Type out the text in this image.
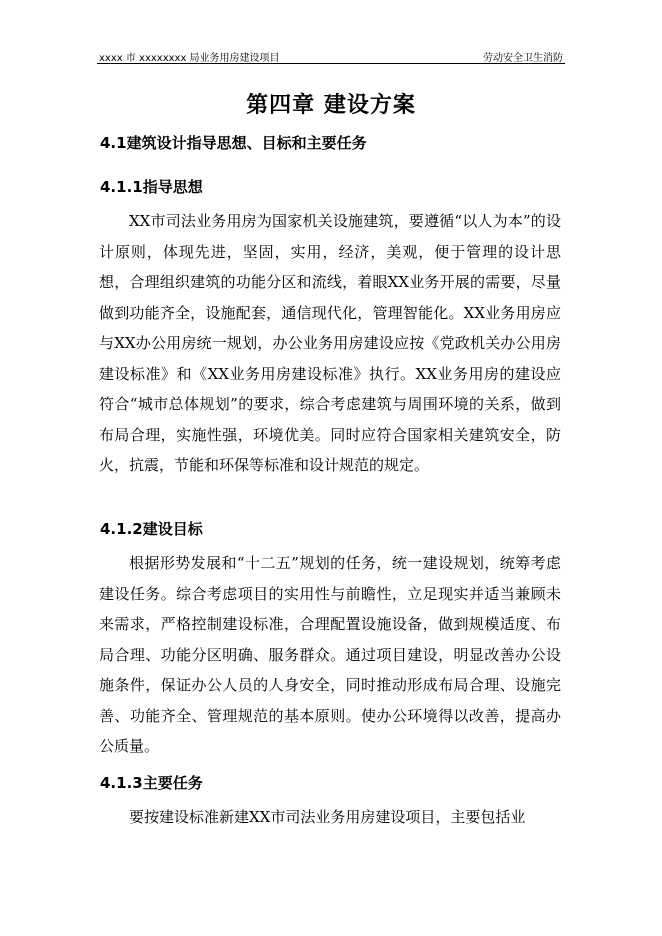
xxxx 市 xxxxxxxx 局业务用房建设项目	劳动安全卫生消防
第四章 建设方案
4.1建筑设计指导思想、目标和主要任务
4.1.1指导思想
XX市司法业务用房为国家机关设施建筑，要遵循“以人为本”的设计原则，体现先进，坚固，实用，经济，美观，便于管理的设计思想，合理组织建筑的功能分区和流线，着眼XX业务开展的需要，尽量做到功能齐全，设施配套，通信现代化，管理智能化。XX业务用房应与XX办公用房统一规划，办公业务用房建设应按《党政机关办公用房建设标准》和《XX业务用房建设标准》执行。XX业务用房的建设应符合“城市总体规划”的要求，综合考虑建筑与周围环境的关系，做到布局合理，实施性强，环境优美。同时应符合国家相关建筑安全，防火，抗震，节能和环保等标准和设计规范的规定。
4.1.2建设目标
根据形势发展和“十二五”规划的任务，统一建设规划，统筹考虑建设任务。综合考虑项目的实用性与前瞻性，立足现实并适当兼顾未来需求，严格控制建设标准，合理配置设施设备，做到规模适度、布局合理、功能分区明确、服务群众。通过项目建设，明显改善办公设施条件，保证办公人员的人身安全，同时推动形成布局合理、设施完善、功能齐全、管理规范的基本原则。使办公环境得以改善，提高办公质量。
4.1.3主要任务
要按建设标准新建XX市司法业务用房建设项目，主要包括业
